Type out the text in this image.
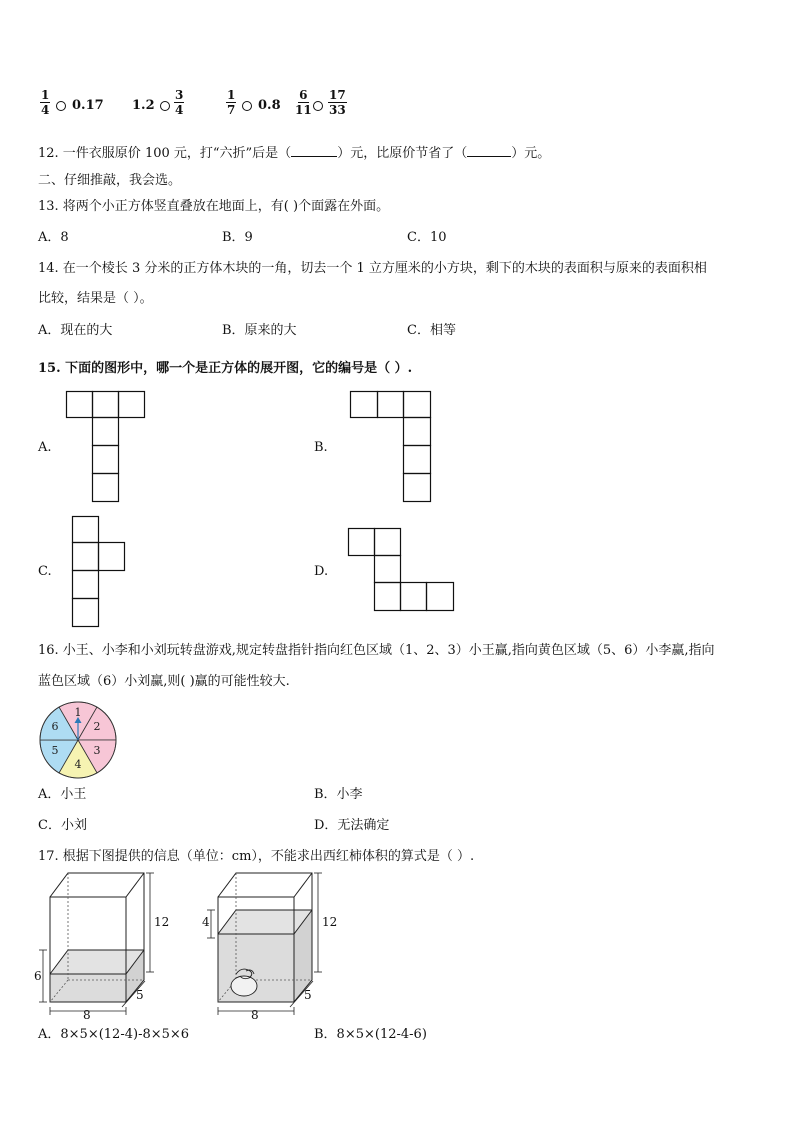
$\frac{1}{4} 0.17$ $1.2 \frac{3}{4}$	$\frac{1}{7} 0.8 \frac{6}{11} \frac{17}{33}$
12. 一件衣服原价 100 元，打“六折”后是（	）元，比原价节省了（	）元。
二、仔细推敲，我会选。
13. 将两个小正方体竖直叠放在地面上，有( )个面露在外面。
A．8	B．9	C．10
14. 在一个棱长 3 分米的正方体木块的一角，切去一个 1 立方厘米的小方块，剩下的木块的表面积与原来的表面积相
比较，结果是（ ）。
A．现在的大	B．原来的大	C．相等
15. 下面的图形中，哪一个是正方体的展开图，它的编号是（ ）.
A.	B.
C.	D.
16. 小王、小李和小刘玩转盘游戏,规定转盘指针指向红色区域（1、2、3）小王赢,指向黄色区域（5、6）小李赢,指向
蓝色区域（6）小刘赢,则( )赢的可能性较大.
1
2
3
4
5
6
A．小王	B．小李
C．小刘	D．无法确定
17. 根据下图提供的信息（单位：cm），不能求出西红柿体积的算式是（ ）.
12
6
8
5
12
4
8
5
A．8×5×(12-4)-8×5×6	B．8×5×(12-4-6)
